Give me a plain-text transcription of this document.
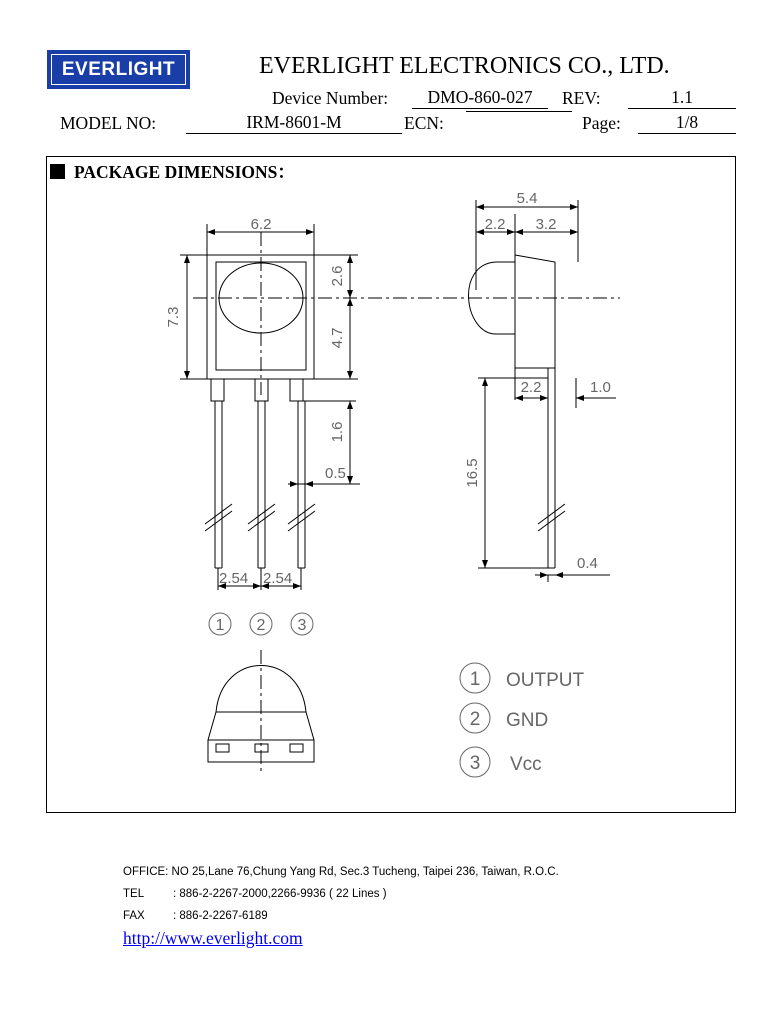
EVERLIGHT	EVERLIGHT ELECTRONICS CO., LTD.
Device Number:	DMO-860-027	REV:	1.1
MODEL NO:	IRM-8601-M	ECN:	Page:	1/8
PACKAGE DIMENSIONS：
6.2
7.3
2.6
4.7
1.6
0.5
2.54 2.54
5.4
2.2 3.2
2.2	1.0
16.5
0.4
1 2 3
1
2
3
OUTPUT
GND
Vcc
OFFICE: NO 25,Lane 76,Chung Yang Rd, Sec.3 Tucheng, Taipei 236, Taiwan, R.O.C.
TEL	: 886-2-2267-2000,2266-9936 ( 22 Lines )
FAX : 886-2-2267-6189
http://www.everlight.com
